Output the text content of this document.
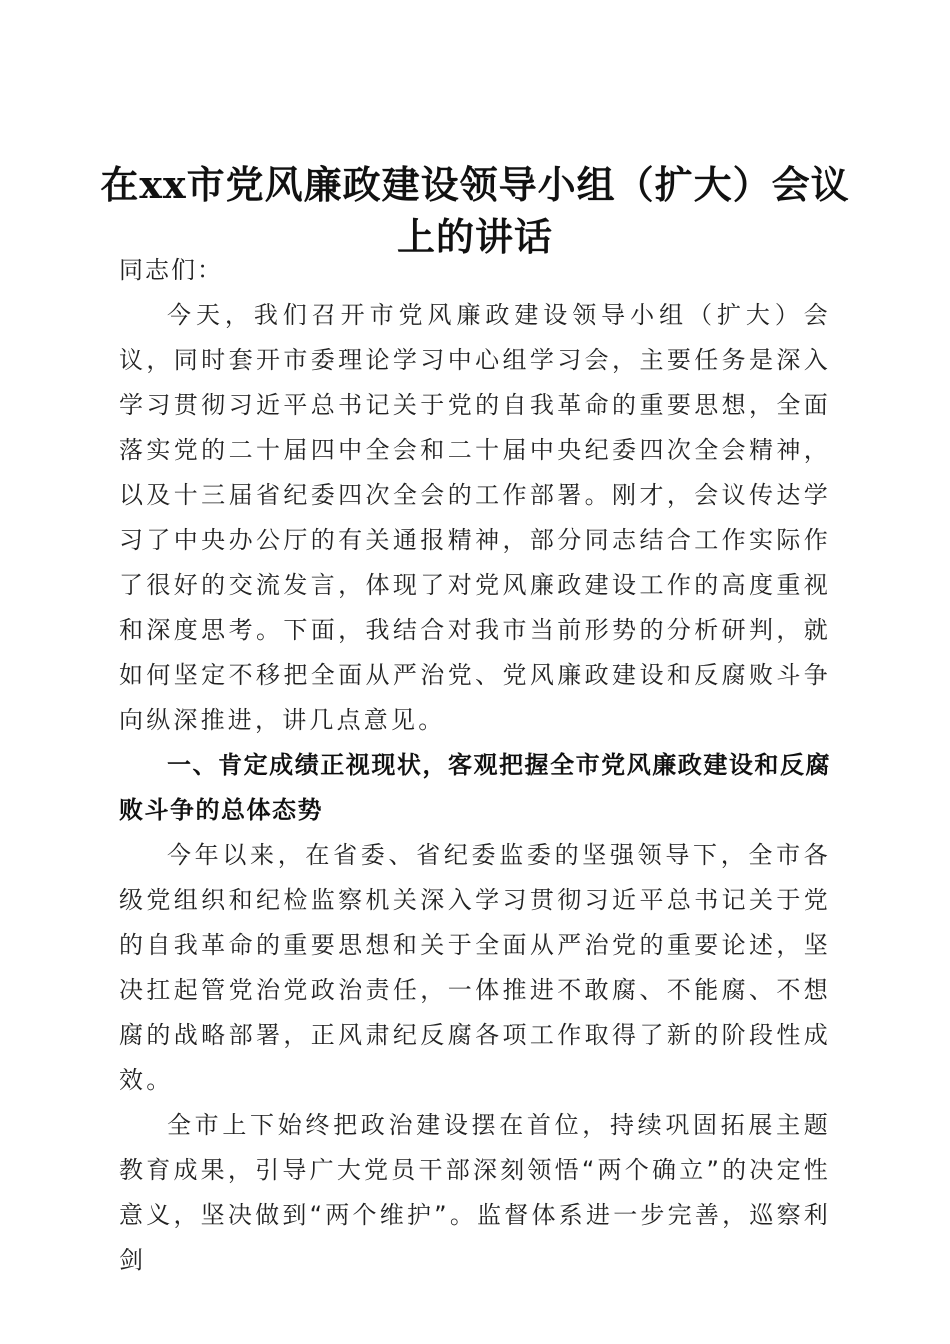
在xx市党风廉政建设领导小组（扩大）会议
上的讲话

同志们：

今天，我们召开市党风廉政建设领导小组（扩大）会议，同时套开市委理论学习中心组学习会，主要任务是深入学习贯彻习近平总书记关于党的自我革命的重要思想，全面落实党的二十届四中全会和二十届中央纪委四次全会精神，以及十三届省纪委四次全会的工作部署。刚才，会议传达学习了中央办公厅的有关通报精神，部分同志结合工作实际作了很好的交流发言，体现了对党风廉政建设工作的高度重视和深度思考。下面，我结合对我市当前形势的分析研判，就如何坚定不移把全面从严治党、党风廉政建设和反腐败斗争向纵深推进，讲几点意见。

一、肯定成绩正视现状，客观把握全市党风廉政建设和反腐败斗争的总体态势

今年以来，在省委、省纪委监委的坚强领导下，全市各级党组织和纪检监察机关深入学习贯彻习近平总书记关于党的自我革命的重要思想和关于全面从严治党的重要论述，坚决扛起管党治党政治责任，一体推进不敢腐、不能腐、不想腐的战略部署，正风肃纪反腐各项工作取得了新的阶段性成效。

全市上下始终把政治建设摆在首位，持续巩固拓展主题教育成果，引导广大党员干部深刻领悟“两个确立”的决定性意义，坚决做到“两个维护”。监督体系进一步完善，巡察利剑
